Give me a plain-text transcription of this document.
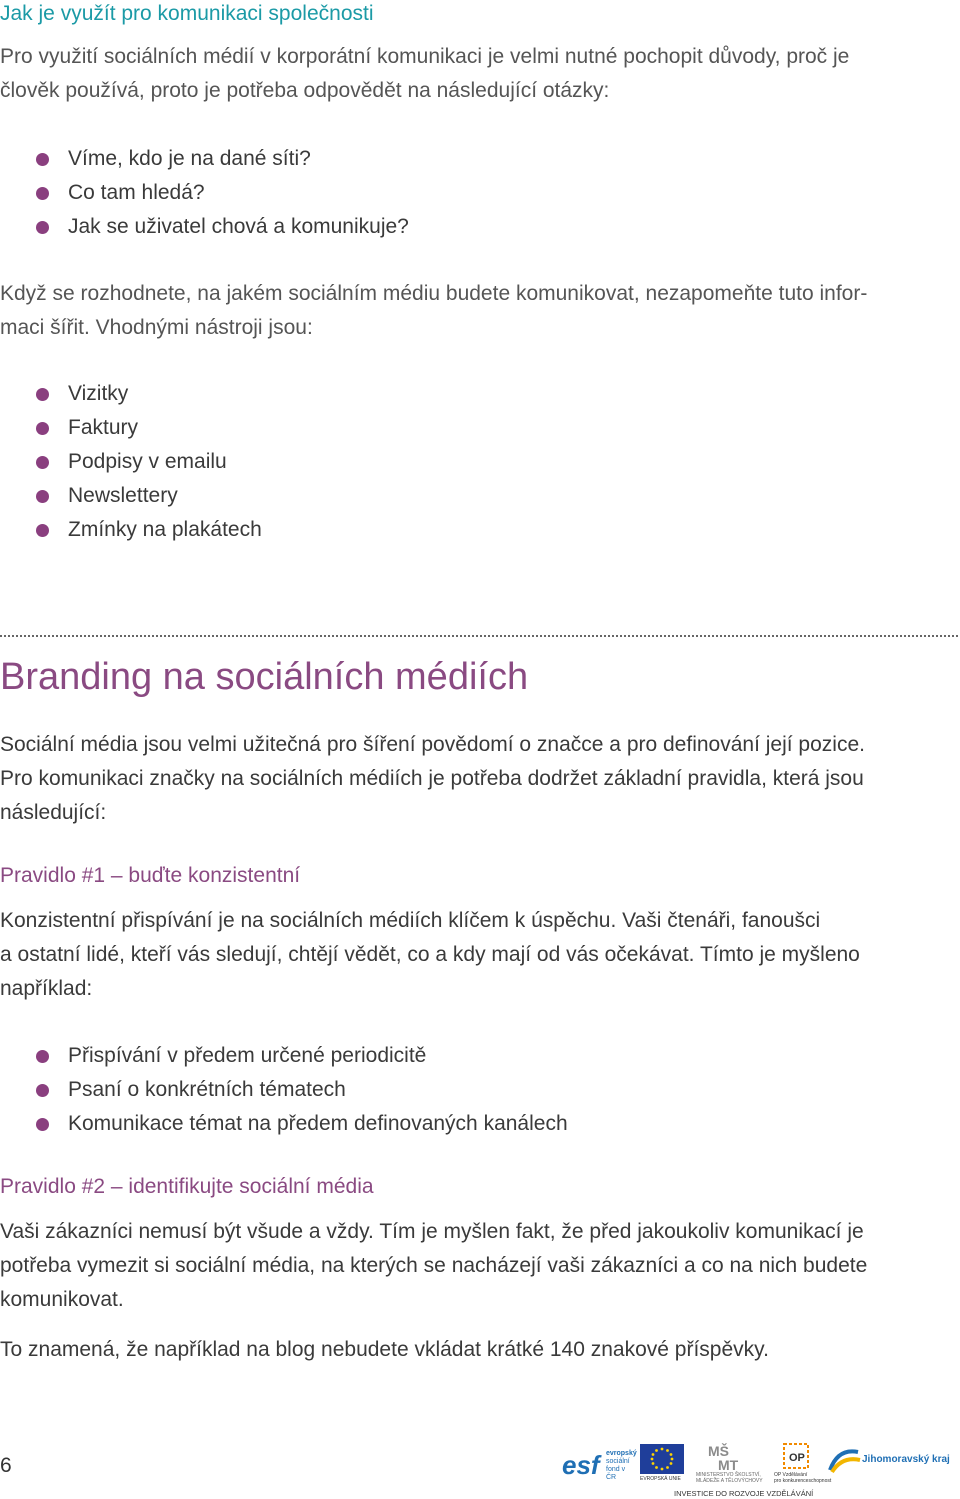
Jak je využít pro komunikaci společnosti
Pro využití sociálních médií v korporátní komunikaci je velmi nutné pochopit důvody, proč je
člověk používá, proto je potřeba odpovědět na následující otázky:
Víme, kdo je na dané síti?
Co tam hledá?
Jak se uživatel chová a komunikuje?
Když se rozhodnete, na jakém sociálním médiu budete komunikovat, nezapomeňte tuto infor-
maci šířit. Vhodnými nástroji jsou:
Vizitky
Faktury
Podpisy v emailu
Newslettery
Zmínky na plakátech
Branding na sociálních médiích
Sociální média jsou velmi užitečná pro šíření povědomí o značce a pro definování její pozice.
Pro komunikaci značky na sociálních médiích je potřeba dodržet základní pravidla, která jsou
následující:
Pravidlo #1 – buďte konzistentní
Konzistentní přispívání je na sociálních médiích klíčem k úspěchu. Vaši čtenáři, fanoušci
a ostatní lidé, kteří vás sledují, chtějí vědět, co a kdy mají od vás očekávat. Tímto je myšleno
například:
Přispívání v předem určené periodicitě
Psaní o konkrétních tématech
Komunikace témat na předem definovaných kanálech
Pravidlo #2 – identifikujte sociální média
Vaši zákazníci nemusí být všude a vždy. Tím je myšlen fakt, že před jakoukoliv komunikací je
potřeba vymezit si sociální média, na kterých se nacházejí vaši zákazníci a co na nich budete
komunikovat.
To znamená, že například na blog nebudete vkládat krátké 140 znakové příspěvky.
6	esf evropský
sociální
fond v ČR	EVROPSKÁ UNIE
MŠ
MT
MINISTERSTVO ŠKOLSTVÍ,
MLÁDEŽE A TĚLOVÝCHOVY
OP
OP Vzdělávání
pro konkurenceschopnost
Jihomoravský kraj
INVESTICE DO ROZVOJE VZDĚLÁVÁNÍ
